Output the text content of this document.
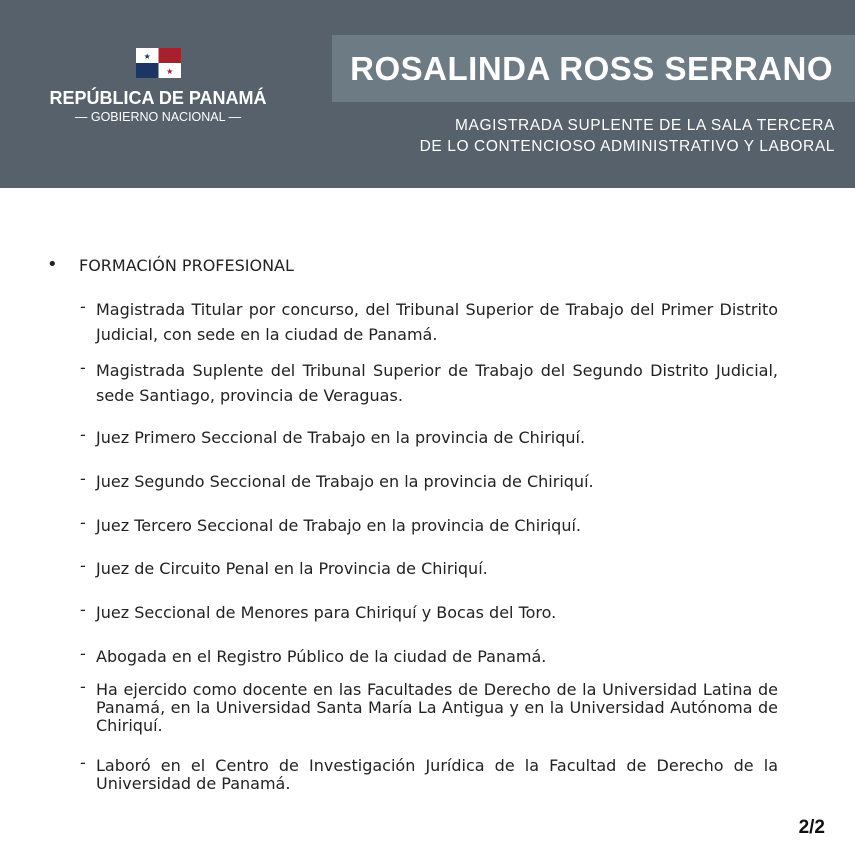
★
★
REPÚBLICA DE PANAMÁ
— GOBIERNO NACIONAL —
ROSALINDA ROSS SERRANO
MAGISTRADA SUPLENTE DE LA SALA TERCERA
DE LO CONTENCIOSO ADMINISTRATIVO Y LABORAL
• FORMACIÓN PROFESIONAL
- Magistrada Titular por concurso, del Tribunal Superior de Trabajo del Primer Distrito Judicial, con sede en la ciudad de Panamá.
- Magistrada Suplente del Tribunal Superior de Trabajo del Segundo Distrito Judicial, sede Santiago, provincia de Veraguas.
- Juez Primero Seccional de Trabajo en la provincia de Chiriquí.
- Juez Segundo Seccional de Trabajo en la provincia de Chiriquí.
- Juez Tercero Seccional de Trabajo en la provincia de Chiriquí.
- Juez de Circuito Penal en la Provincia de Chiriquí.
- Juez Seccional de Menores para Chiriquí y Bocas del Toro.
- Abogada en el Registro Público de la ciudad de Panamá.
- Ha ejercido como docente en las Facultades de Derecho de la Universidad Latina de Panamá, en la Universidad Santa María La Antigua y en la Universidad Autónoma de Chiriquí.
- Laboró en el Centro de Investigación Jurídica de la Facultad de Derecho de la Universidad de Panamá.
2/2
